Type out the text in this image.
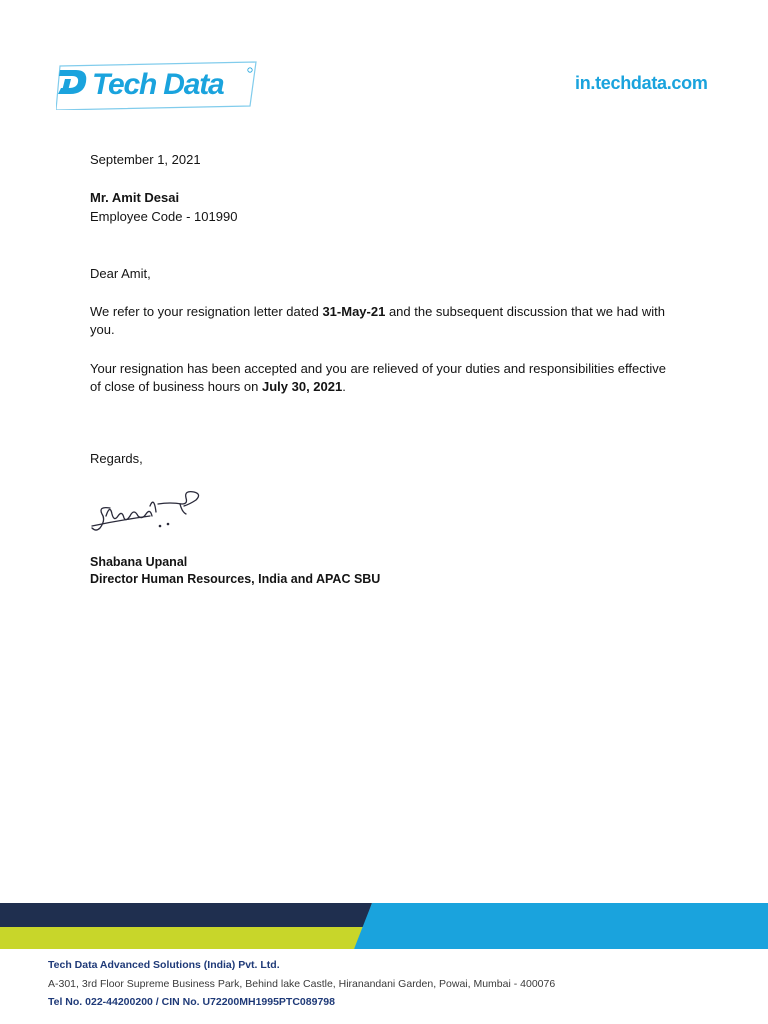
Tech Data	in.techdata.com
September 1, 2021
Mr. Amit Desai
Employee Code - 101990
Dear Amit,
We refer to your resignation letter dated 31-May-21 and the subsequent discussion that we had with you.
Your resignation has been accepted and you are relieved of your duties and responsibilities effective of close of business hours on July 30, 2021.
Regards,
Shabana Upanal
Director Human Resources, India and APAC SBU
Tech Data Advanced Solutions (India) Pvt. Ltd.
A-301, 3rd Floor Supreme Business Park, Behind lake Castle, Hiranandani Garden, Powai, Mumbai - 400076
Tel No. 022-44200200 / CIN No. U72200MH1995PTC089798
